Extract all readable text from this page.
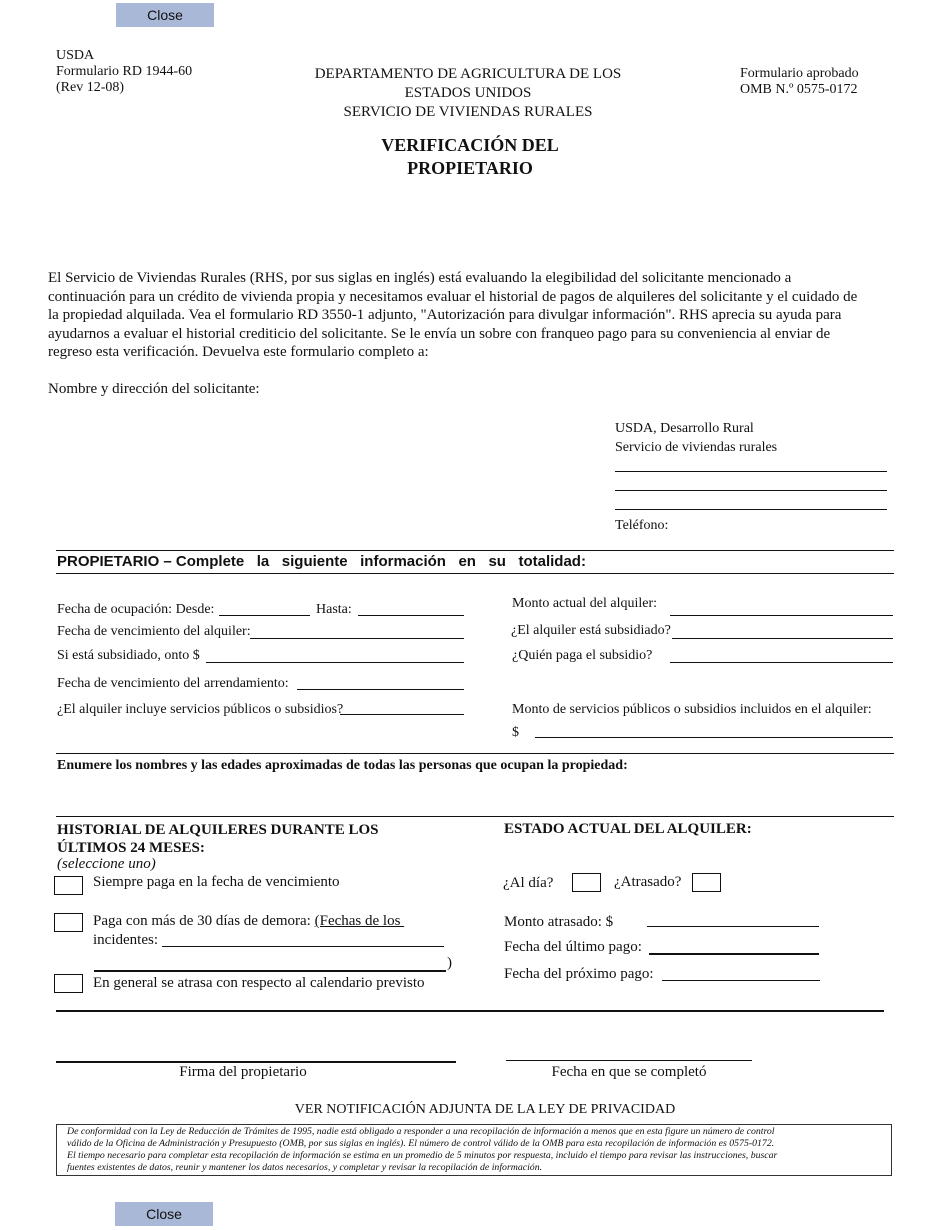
Close
USDA
Formulario RD 1944-60
(Rev 12-08)
DEPARTAMENTO DE AGRICULTURA DE LOS
ESTADOS UNIDOS
SERVICIO DE VIVIENDAS RURALES
Formulario aprobado
OMB N.º 0575-0172
VERIFICACIÓN DEL
PROPIETARIO
El Servicio de Viviendas Rurales (RHS, por sus siglas en inglés) está evaluando la elegibilidad del solicitante mencionado a
continuación para un crédito de vivienda propia y necesitamos evaluar el historial de pagos de alquileres del solicitante y el cuidado de
la propiedad alquilada. Vea el formulario RD 3550-1 adjunto, "Autorización para divulgar información". RHS aprecia su ayuda para
ayudarnos a evaluar el historial crediticio del solicitante. Se le envía un sobre con franqueo pago para su conveniencia al enviar de
regreso esta verificación. Devuelva este formulario completo a:
Nombre y dirección del solicitante:
USDA, Desarrollo Rural
Servicio de viviendas rurales
Teléfono:
PROPIETARIO – Complete   la   siguiente   información   en   su   totalidad:
Fecha de ocupación: Desde:	Hasta:
Fecha de vencimiento del alquiler:
Si está subsidiado, onto $
Fecha de vencimiento del arrendamiento:
¿El alquiler incluye servicios públicos o subsidios?
Monto actual del alquiler:
¿El alquiler está subsidiado?
¿Quién paga el subsidio?
Monto de servicios públicos o subsidios incluidos en el alquiler:
$
Enumere los nombres y las edades aproximadas de todas las personas que ocupan la propiedad:
HISTORIAL DE ALQUILERES DURANTE LOS
ÚLTIMOS 24 MESES:
(seleccione uno)
Siempre paga en la fecha de vencimiento
Paga con más de 30 días de demora: (Fechas de los
incidentes:
)
En general se atrasa con respecto al calendario previsto
ESTADO ACTUAL DEL ALQUILER:
¿Al día?	¿Atrasado?
Monto atrasado: $
Fecha del último pago:
Fecha del próximo pago:
Firma del propietario	Fecha en que se completó
VER NOTIFICACIÓN ADJUNTA DE LA LEY DE PRIVACIDAD
De conformidad con la Ley de Reducción de Trámites de 1995, nadie está obligado a responder a una recopilación de información a menos que en esta figure un número de control
válido de la Oficina de Administración y Presupuesto (OMB, por sus siglas en inglés). El número de control válido de la OMB para esta recopilación de información es 0575-0172.
El tiempo necesario para completar esta recopilación de información se estima en un promedio de 5 minutos por respuesta, incluido el tiempo para revisar las instrucciones, buscar
fuentes existentes de datos, reunir y mantener los datos necesarios, y completar y revisar la recopilación de información.
Close
